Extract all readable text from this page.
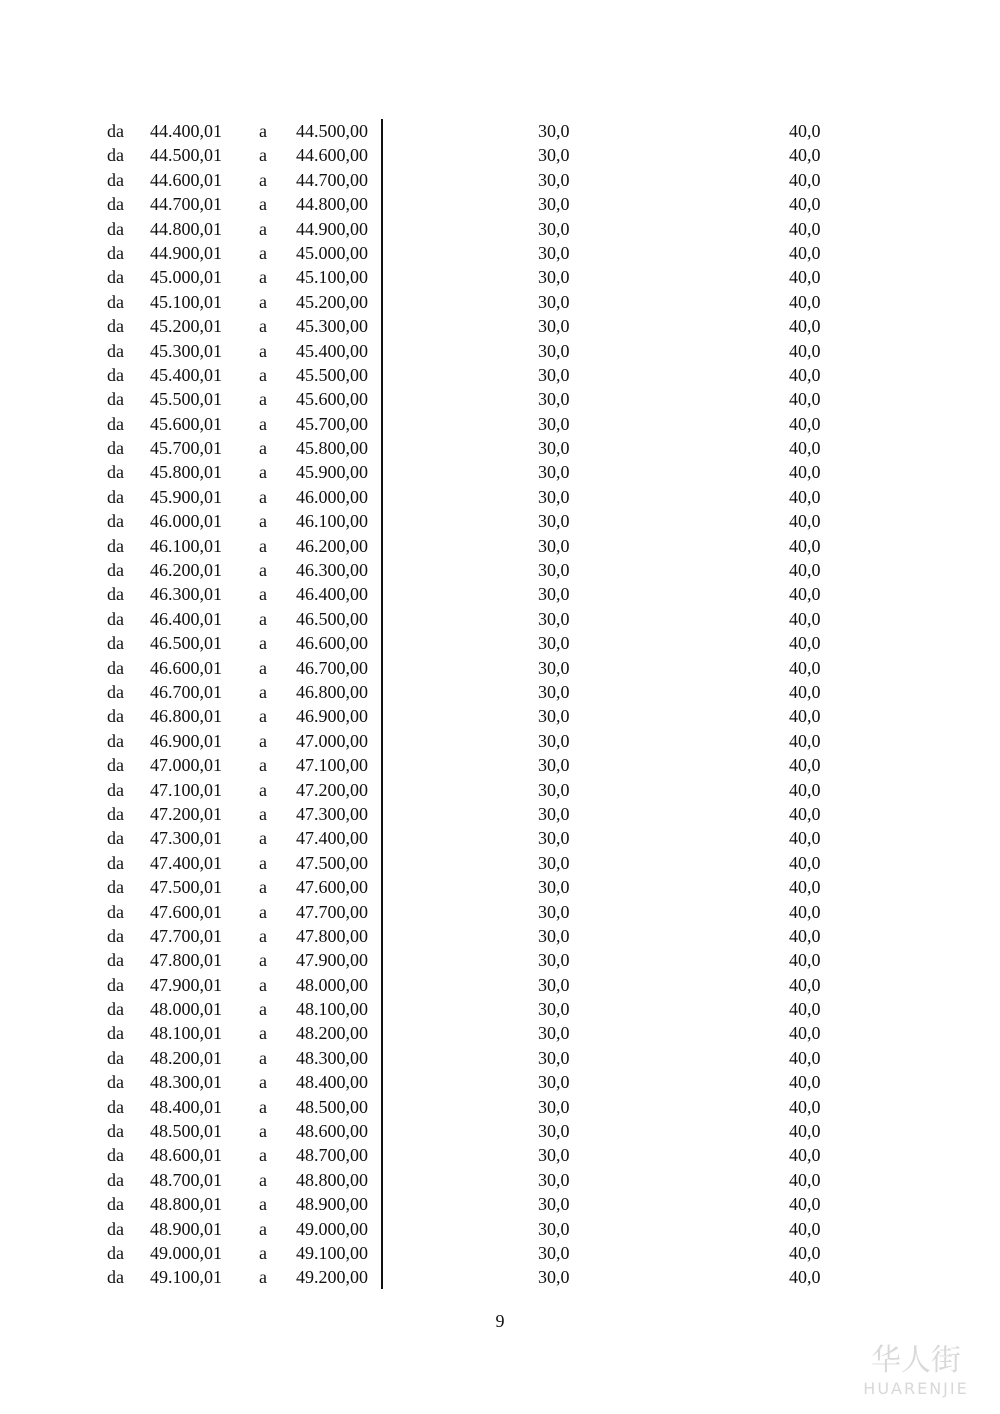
da 44.400,01 a 44.500,00	30,0	40,0
da 44.500,01 a 44.600,00	30,0	40,0
da 44.600,01 a 44.700,00	30,0	40,0
da 44.700,01 a 44.800,00	30,0	40,0
da 44.800,01 a 44.900,00	30,0	40,0
da 44.900,01 a 45.000,00	30,0	40,0
da 45.000,01 a 45.100,00	30,0	40,0
da 45.100,01 a 45.200,00	30,0	40,0
da 45.200,01 a 45.300,00	30,0	40,0
da 45.300,01 a 45.400,00	30,0	40,0
da 45.400,01 a 45.500,00	30,0	40,0
da 45.500,01 a 45.600,00	30,0	40,0
da 45.600,01 a 45.700,00	30,0	40,0
da 45.700,01 a 45.800,00	30,0	40,0
da 45.800,01 a 45.900,00	30,0	40,0
da 45.900,01 a 46.000,00	30,0	40,0
da 46.000,01 a 46.100,00	30,0	40,0
da 46.100,01 a 46.200,00	30,0	40,0
da 46.200,01 a 46.300,00	30,0	40,0
da 46.300,01 a 46.400,00	30,0	40,0
da 46.400,01 a 46.500,00	30,0	40,0
da 46.500,01 a 46.600,00	30,0	40,0
da 46.600,01 a 46.700,00	30,0	40,0
da 46.700,01 a 46.800,00	30,0	40,0
da 46.800,01 a 46.900,00	30,0	40,0
da 46.900,01 a 47.000,00	30,0	40,0
da 47.000,01 a 47.100,00	30,0	40,0
da 47.100,01 a 47.200,00	30,0	40,0
da 47.200,01 a 47.300,00	30,0	40,0
da 47.300,01 a 47.400,00	30,0	40,0
da 47.400,01 a 47.500,00	30,0	40,0
da 47.500,01 a 47.600,00	30,0	40,0
da 47.600,01 a 47.700,00	30,0	40,0
da 47.700,01 a 47.800,00	30,0	40,0
da 47.800,01 a 47.900,00	30,0	40,0
da 47.900,01 a 48.000,00	30,0	40,0
da 48.000,01 a 48.100,00	30,0	40,0
da 48.100,01 a 48.200,00	30,0	40,0
da 48.200,01 a 48.300,00	30,0	40,0
da 48.300,01 a 48.400,00	30,0	40,0
da 48.400,01 a 48.500,00	30,0	40,0
da 48.500,01 a 48.600,00	30,0	40,0
da 48.600,01 a 48.700,00	30,0	40,0
da 48.700,01 a 48.800,00	30,0	40,0
da 48.800,01 a 48.900,00	30,0	40,0
da 48.900,01 a 49.000,00	30,0	40,0
da 49.000,01 a 49.100,00	30,0	40,0
da 49.100,01 a 49.200,00	30,0	40,0
9
华人街
HUARENJIE
